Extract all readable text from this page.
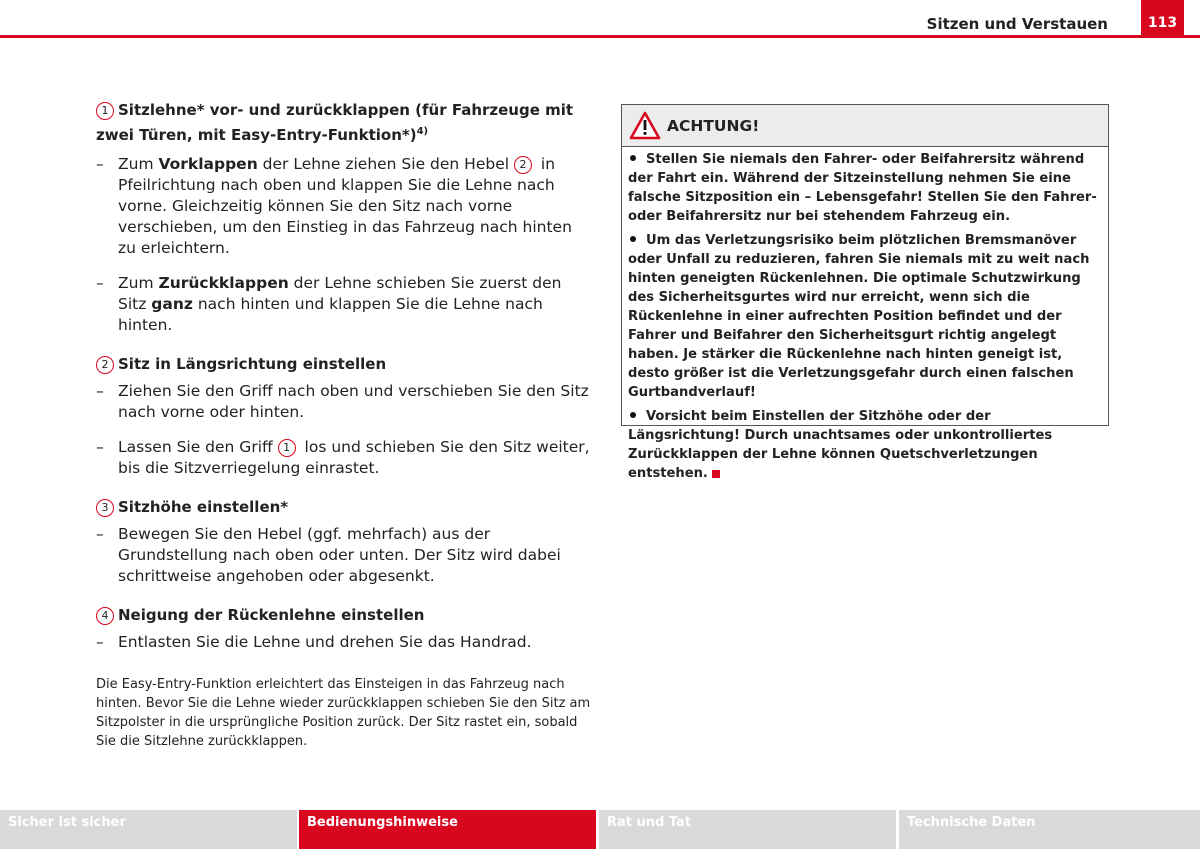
Sitzen und Verstauen	113

1 Sitzlehne* vor- und zurückklappen (für Fahrzeuge mit zwei Türen, mit Easy-Entry-Funktion*)$^{4)}$

– Zum Vorklappen der Lehne ziehen Sie den Hebel 2 in Pfeilrichtung nach oben und klappen Sie die Lehne nach vorne. Gleichzeitig können Sie den Sitz nach vorne verschieben, um den Einstieg in das Fahrzeug nach hinten zu erleichtern.

– Zum Zurückklappen der Lehne schieben Sie zuerst den Sitz ganz nach hinten und klappen Sie die Lehne nach hinten.

2 Sitz in Längsrichtung einstellen

– Ziehen Sie den Griff nach oben und verschieben Sie den Sitz nach vorne oder hinten.

– Lassen Sie den Griff 1 los und schieben Sie den Sitz weiter, bis die Sitzverriegelung einrastet.

3 Sitzhöhe einstellen*

– Bewegen Sie den Hebel (ggf. mehrfach) aus der Grundstellung nach oben oder unten. Der Sitz wird dabei schrittweise angehoben oder abgesenkt.

4 Neigung der Rückenlehne einstellen

– Entlasten Sie die Lehne und drehen Sie das Handrad.

Die Easy-Entry-Funktion erleichtert das Einsteigen in das Fahrzeug nach hinten. Bevor Sie die Lehne wieder zurückklappen schieben Sie den Sitz am Sitzpolster in die ursprüngliche Position zurück. Der Sitz rastet ein, sobald Sie die Sitzlehne zurückklappen.

ACHTUNG!

Stellen Sie niemals den Fahrer- oder Beifahrersitz während der Fahrt ein. Während der Sitzeinstellung nehmen Sie eine falsche Sitzposition ein – Lebensgefahr! Stellen Sie den Fahrer- oder Beifahrersitz nur bei stehendem Fahrzeug ein.

Um das Verletzungsrisiko beim plötzlichen Bremsmanöver oder Unfall zu reduzieren, fahren Sie niemals mit zu weit nach hinten geneigten Rückenlehnen. Die optimale Schutzwirkung des Sicherheitsgurtes wird nur erreicht, wenn sich die Rückenlehne in einer aufrechten Position befindet und der Fahrer und Beifahrer den Sicherheitsgurt richtig angelegt haben. Je stärker die Rückenlehne nach hinten geneigt ist, desto größer ist die Verletzungsgefahr durch einen falschen Gurtbandverlauf!

Vorsicht beim Einstellen der Sitzhöhe oder der Längsrichtung! Durch unachtsames oder unkontrolliertes Zurückklappen der Lehne können Quetschverletzungen entstehen.

Sicher ist sicher	Bedienungshinweise	Rat und Tat	Technische Daten
